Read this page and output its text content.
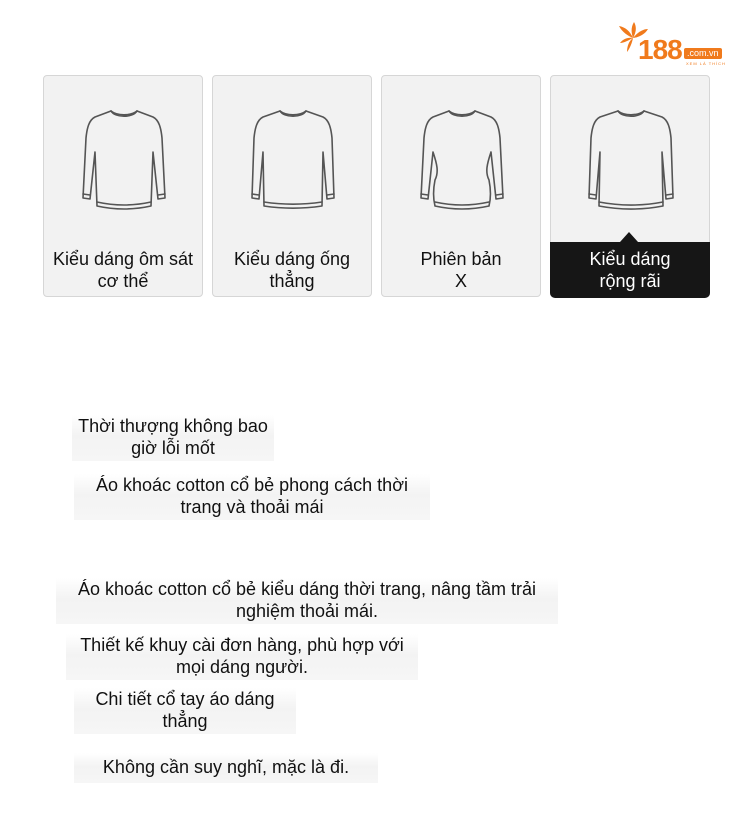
188 .com.vn
XEM LÀ THÍCH
Kiểu dáng ôm sát
cơ thể
Kiểu dáng ống
thẳng
Phiên bản
X
Kiểu dáng
rộng rãi
Thời thượng không bao
giờ lỗi mốt
Áo khoác cotton cổ bẻ phong cách thời
trang và thoải mái
Áo khoác cotton cổ bẻ kiểu dáng thời trang, nâng tầm trải
nghiệm thoải mái.
Thiết kế khuy cài đơn hàng, phù hợp với
mọi dáng người.
Chi tiết cổ tay áo dáng
thẳng
Không cần suy nghĩ, mặc là đi.
